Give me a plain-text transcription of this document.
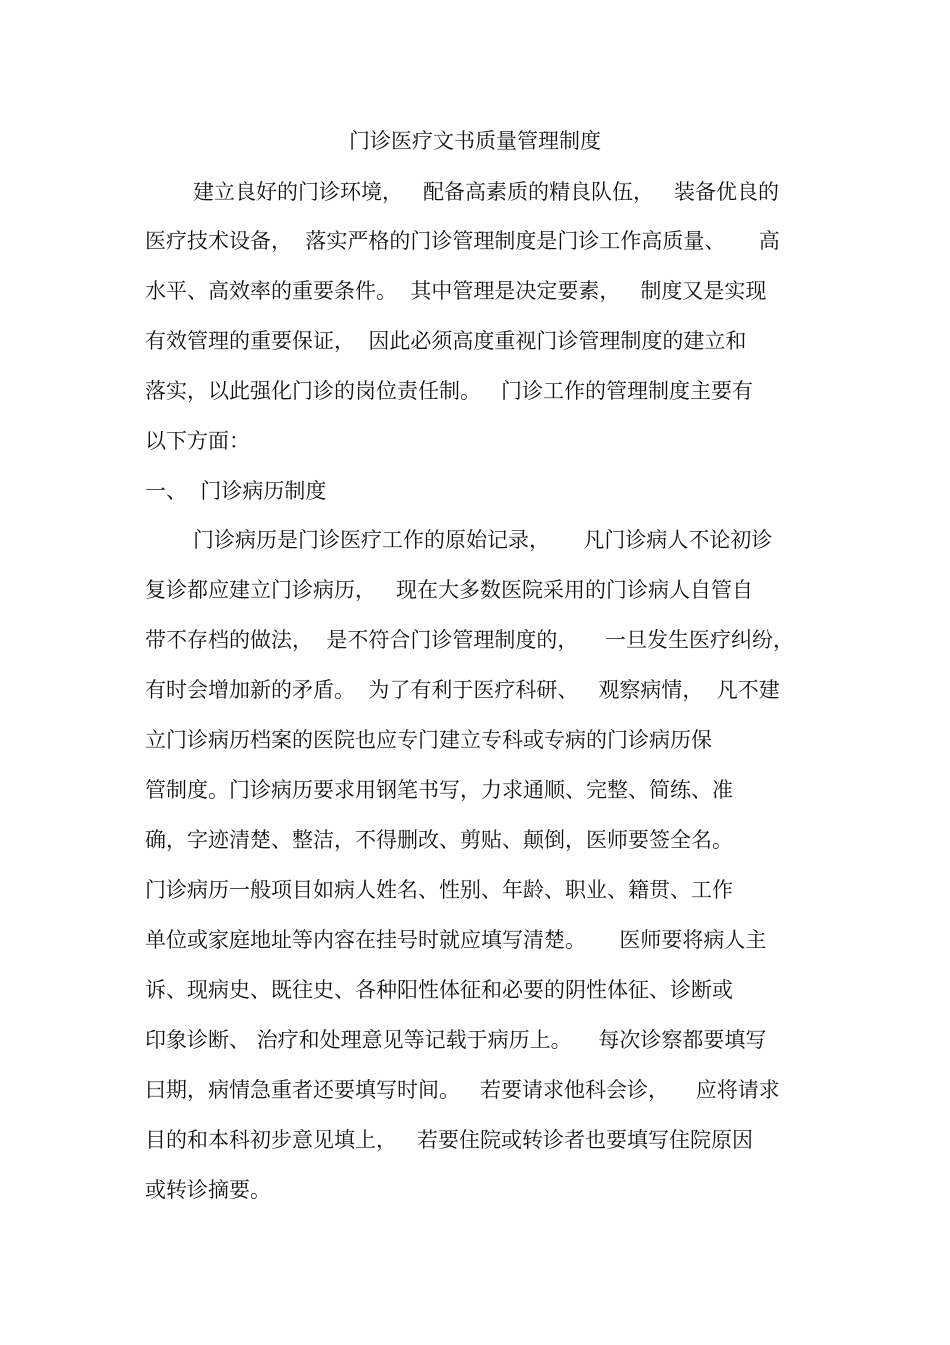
门诊医疗文书质量管理制度
建立良好的门诊环境，   配备高素质的精良队伍，   装备优良的
医疗技术设备，  落实严格的门诊管理制度是门诊工作高质量、     高
水平、高效率的重要条件。  其中管理是决定要素，   制度又是实现
有效管理的重要保证，  因此必须高度重视门诊管理制度的建立和
落实，以此强化门诊的岗位责任制。   门诊工作的管理制度主要有
以下方面：
一、  门诊病历制度
门诊病历是门诊医疗工作的原始记录，     凡门诊病人不论初诊
复诊都应建立门诊病历，   现在大多数医院采用的门诊病人自管自
带不存档的做法，  是不符合门诊管理制度的，    一旦发生医疗纠纷，
有时会增加新的矛盾。  为了有利于医疗科研、   观察病情，  凡不建
立门诊病历档案的医院也应专门建立专科或专病的门诊病历保
管制度。门诊病历要求用钢笔书写，力求通顺、完整、简练、准
确，字迹清楚、整洁，不得删改、剪贴、颠倒，医师要签全名。
门诊病历一般项目如病人姓名、性别、年龄、职业、籍贯、工作
单位或家庭地址等内容在挂号时就应填写清楚。     医师要将病人主
诉、现病史、既往史、各种阳性体征和必要的阴性体征、诊断或
印象诊断、 治疗和处理意见等记载于病历上。    每次诊察都要填写
曰期，病情急重者还要填写时间。   若要请求他科会诊，    应将请求
目的和本科初步意见填上，   若要住院或转诊者也要填写住院原因
或转诊摘要。
